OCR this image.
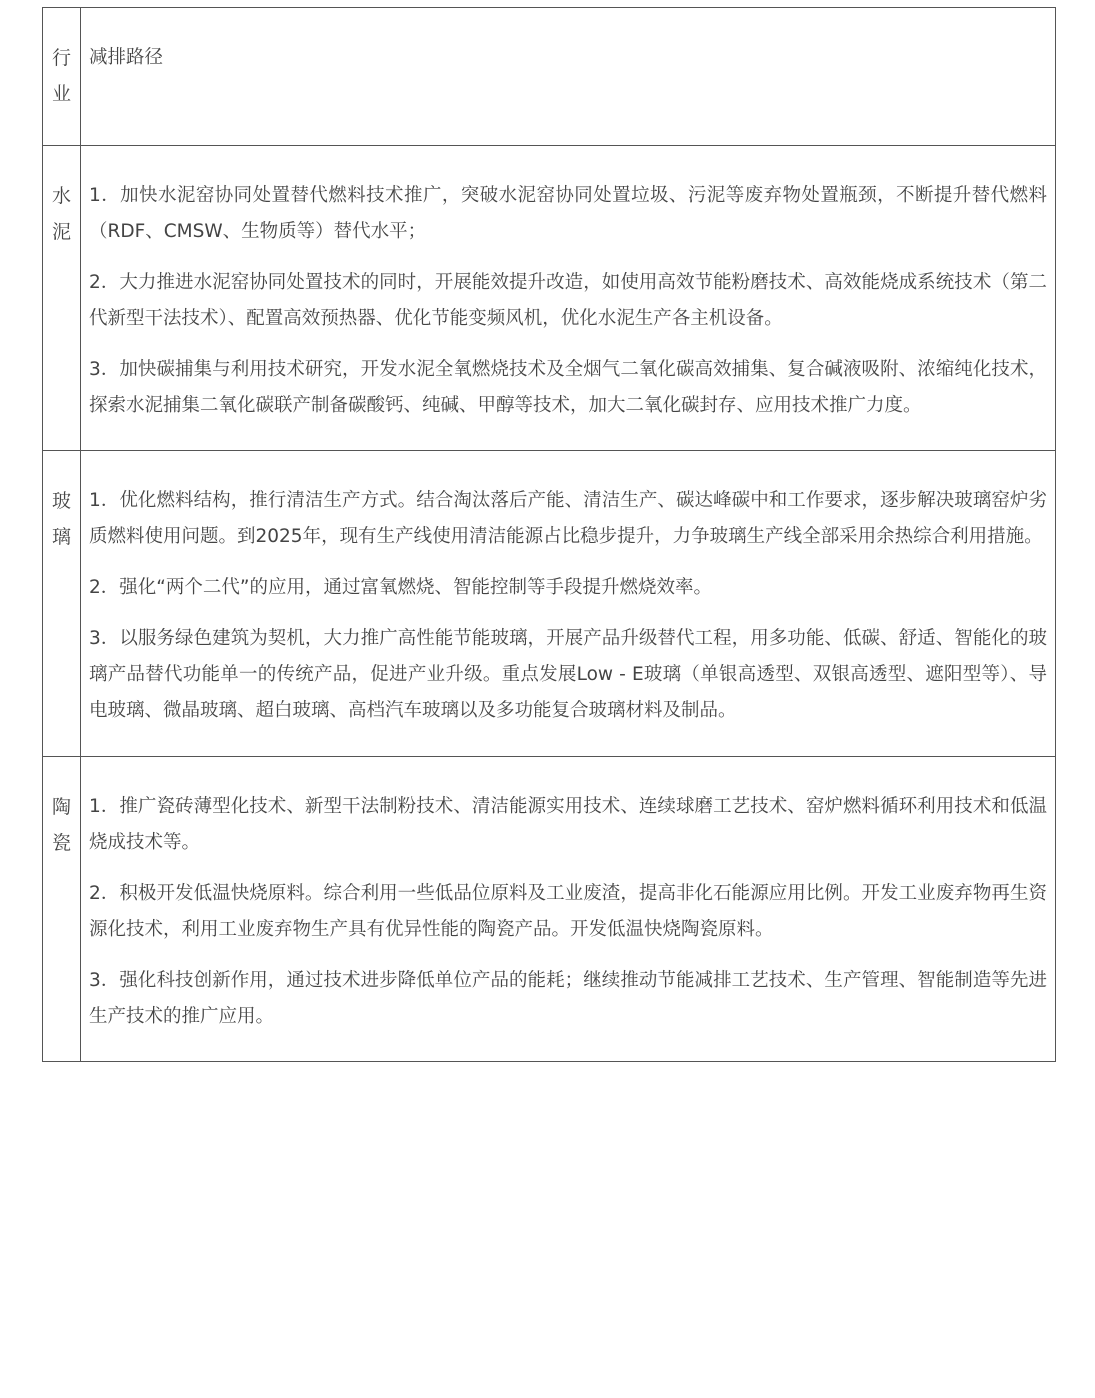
行业	减排路径

水泥	1．加快水泥窑协同处置替代燃料技术推广，突破水泥窑协同处置垃圾、污泥等废弃物处置瓶颈，不断提升替代燃料（RDF、CMSW、生物质等）替代水平；

2．大力推进水泥窑协同处置技术的同时，开展能效提升改造，如使用高效节能粉磨技术、高效能烧成系统技术（第二代新型干法技术）、配置高效预热器、优化节能变频风机，优化水泥生产各主机设备。

3．加快碳捕集与利用技术研究，开发水泥全氧燃烧技术及全烟气二氧化碳高效捕集、复合碱液吸附、浓缩纯化技术，探索水泥捕集二氧化碳联产制备碳酸钙、纯碱、甲醇等技术，加大二氧化碳封存、应用技术推广力度。

玻璃	1．优化燃料结构，推行清洁生产方式。结合淘汰落后产能、清洁生产、碳达峰碳中和工作要求，逐步解决玻璃窑炉劣质燃料使用问题。到2025年，现有生产线使用清洁能源占比稳步提升，力争玻璃生产线全部采用余热综合利用措施。

2．强化“两个二代”的应用，通过富氧燃烧、智能控制等手段提升燃烧效率。

3．以服务绿色建筑为契机，大力推广高性能节能玻璃，开展产品升级替代工程，用多功能、低碳、舒适、智能化的玻璃产品替代功能单一的传统产品，促进产业升级。重点发展Low - E玻璃（单银高透型、双银高透型、遮阳型等）、导电玻璃、微晶玻璃、超白玻璃、高档汽车玻璃以及多功能复合玻璃材料及制品。

陶瓷	1．推广瓷砖薄型化技术、新型干法制粉技术、清洁能源实用技术、连续球磨工艺技术、窑炉燃料循环利用技术和低温烧成技术等。

2．积极开发低温快烧原料。综合利用一些低品位原料及工业废渣，提高非化石能源应用比例。开发工业废弃物再生资源化技术，利用工业废弃物生产具有优异性能的陶瓷产品。开发低温快烧陶瓷原料。

3．强化科技创新作用，通过技术进步降低单位产品的能耗；继续推动节能减排工艺技术、生产管理、智能制造等先进生产技术的推广应用。
